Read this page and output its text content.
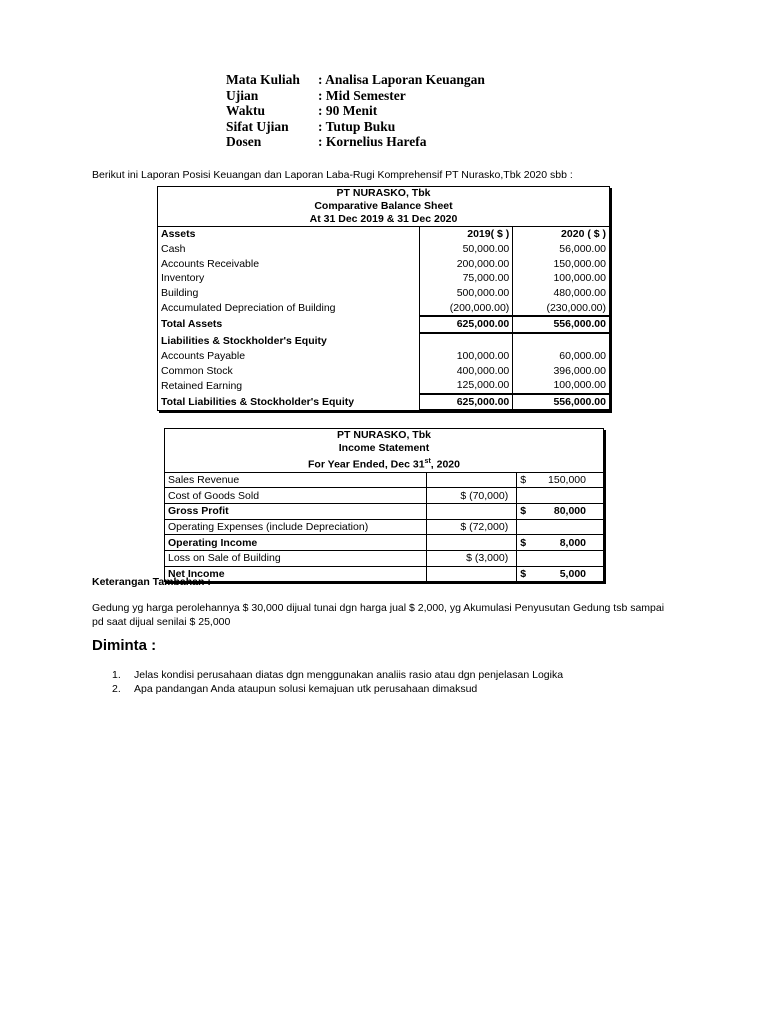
Mata Kuliah	: Analisa Laporan Keuangan
Ujian	: Mid Semester
Waktu	: 90 Menit
Sifat Ujian	: Tutup Buku
Dosen	: Kornelius Harefa
Berikut ini Laporan Posisi Keuangan dan Laporan Laba-Rugi Komprehensif PT Nurasko,Tbk 2020 sbb :
PT NURASKO, Tbk		
Comparative Balance Sheet		
At 31 Dec 2019 & 31 Dec 2020		
Assets	2019( $ )	2020 ( $ )
Cash	50,000.00	56,000.00
Accounts Receivable	200,000.00	150,000.00
Inventory	75,000.00	100,000.00
Building	500,000.00	480,000.00
Accumulated Depreciation of Building	(200,000.00)	(230,000.00)
Total Assets	625,000.00	556,000.00
Liabilities & Stockholder's Equity		
Accounts Payable	100,000.00	60,000.00
Common Stock	400,000.00	396,000.00
Retained Earning	125,000.00	100,000.00
Total Liabilities & Stockholder's Equity	625,000.00	556,000.00
PT NURASKO, Tbk		
Income Statement		
For Year Ended, Dec 31st, 2020		
Sales Revenue		$ 150,000

Cost of Goods Sold	$ (70,000)	

Gross Profit		$ 80,000

Operating Expenses (include Depreciation)	$ (72,000)	

Operating Income		$ 8,000

Loss on Sale of Building	$ (3,000)	

Net Income		$ 5,000
Keterangan Tambahan :
Gedung yg harga perolehannya $ 30,000 dijual tunai dgn harga jual $ 2,000, yg Akumulasi Penyusutan Gedung tsb sampai pd saat dijual senilai $ 25,000
Diminta :
1.	Jelas kondisi perusahaan diatas dgn menggunakan analiis rasio atau dgn penjelasan Logika
2.	Apa pandangan Anda ataupun solusi kemajuan utk perusahaan dimaksud
